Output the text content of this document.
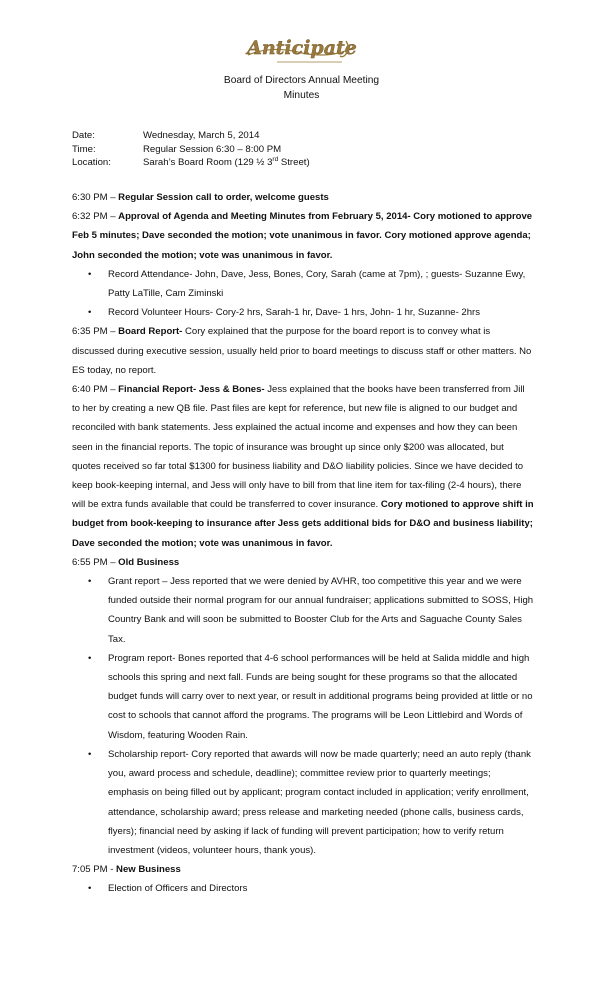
Anticipate
Board of Directors Annual Meeting
Minutes
Date:	Wednesday, March 5, 2014
Time:	Regular Session 6:30 – 8:00 PM
Location:	Sarah’s Board Room (129 ½ 3rd Street)

6:30 PM – Regular Session call to order, welcome guests

6:32 PM – Approval of Agenda and Meeting Minutes from February 5, 2014- Cory motioned to approve Feb 5 minutes; Dave seconded the motion; vote unanimous in favor. Cory motioned approve agenda; John seconded the motion; vote was unanimous in favor.

• Record Attendance- John, Dave, Jess, Bones, Cory, Sarah (came at 7pm), ; guests- Suzanne Ewy, Patty LaTille, Cam Ziminski
• Record Volunteer Hours- Cory-2 hrs, Sarah-1 hr, Dave- 1 hrs, John- 1 hr, Suzanne- 2hrs

6:35 PM – Board Report- Cory explained that the purpose for the board report is to convey what is discussed during executive session, usually held prior to board meetings to discuss staff or other matters. No ES today, no report.

6:40 PM – Financial Report- Jess & Bones- Jess explained that the books have been transferred from Jill to her by creating a new QB file. Past files are kept for reference, but new file is aligned to our budget and reconciled with bank statements. Jess explained the actual income and expenses and how they can been seen in the financial reports. The topic of insurance was brought up since only $200 was allocated, but quotes received so far total $1300 for business liability and D&O liability policies. Since we have decided to keep book-keeping internal, and Jess will only have to bill from that line item for tax-filing (2-4 hours), there will be extra funds available that could be transferred to cover insurance. Cory motioned to approve shift in budget from book-keeping to insurance after Jess gets additional bids for D&O and business liability; Dave seconded the motion; vote was unanimous in favor.

6:55 PM – Old Business

• Grant report – Jess reported that we were denied by AVHR, too competitive this year and we were funded outside their normal program for our annual fundraiser; applications submitted to SOSS, High Country Bank and will soon be submitted to Booster Club for the Arts and Saguache County Sales Tax.
• Program report- Bones reported that 4-6 school performances will be held at Salida middle and high schools this spring and next fall. Funds are being sought for these programs so that the allocated budget funds will carry over to next year, or result in additional programs being provided at little or no cost to schools that cannot afford the programs. The programs will be Leon Littlebird and Words of Wisdom, featuring Wooden Rain.
• Scholarship report- Cory reported that awards will now be made quarterly; need an auto reply (thank you, award process and schedule, deadline); committee review prior to quarterly meetings; emphasis on being filled out by applicant; program contact included in application; verify enrollment, attendance, scholarship award; press release and marketing needed (phone calls, business cards, flyers); financial need by asking if lack of funding will prevent participation; how to verify return investment (videos, volunteer hours, thank yous).

7:05 PM - New Business

• Election of Officers and Directors
